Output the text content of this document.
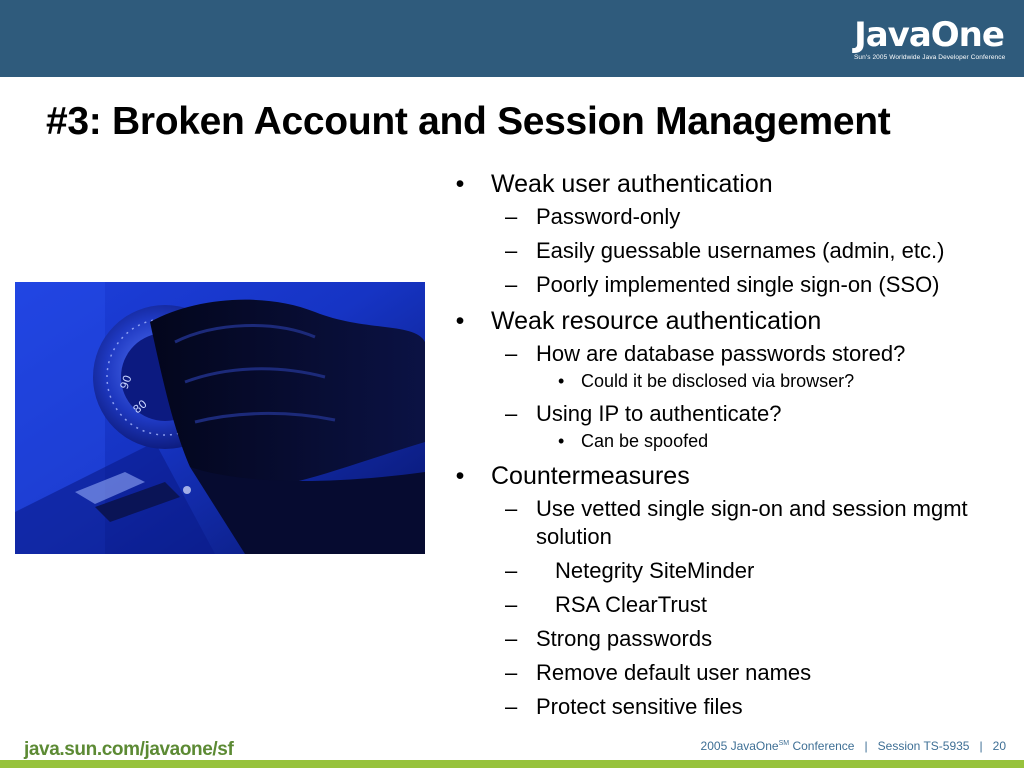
JavaOne
Sun's 2005 Worldwide Java Developer Conference
#3: Broken Account and Session Management
90
80
• Weak user authentication
– Password-only
– Easily guessable usernames (admin, etc.)
– Poorly implemented single sign-on (SSO)
• Weak resource authentication
– How are database passwords stored?
• Could it be disclosed via browser?
– Using IP to authenticate?
• Can be spoofed
• Countermeasures
– Use vetted single sign-on and session mgmt solution
– Netegrity SiteMinder
– RSA ClearTrust
– Strong passwords
– Remove default user names
– Protect sensitive files
java.sun.com/javaone/sf	2005 JavaOne℠ Conference | Session TS-5935 | 20
